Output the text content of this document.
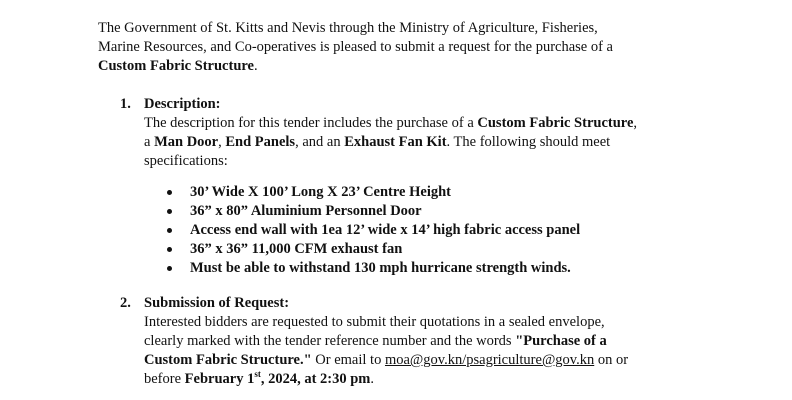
The Government of St. Kitts and Nevis through the Ministry of Agriculture, Fisheries,
Marine Resources, and Co-operatives is pleased to submit a request for the purchase of a
Custom Fabric Structure.
1. Description:
The description for this tender includes the purchase of a Custom Fabric Structure,
a Man Door, End Panels, and an Exhaust Fan Kit. The following should meet
specifications:
30’ Wide X 100’ Long X 23’ Centre Height
36” x 80” Aluminium Personnel Door
Access end wall with 1ea 12’ wide x 14’ high fabric access panel
36” x 36” 11,000 CFM exhaust fan
Must be able to withstand 130 mph hurricane strength winds.
2. Submission of Request:
Interested bidders are requested to submit their quotations in a sealed envelope,
clearly marked with the tender reference number and the words "Purchase of a
Custom Fabric Structure." Or email to moa@gov.kn/psagriculture@gov.kn on or
before February 1st, 2024, at 2:30 pm.
